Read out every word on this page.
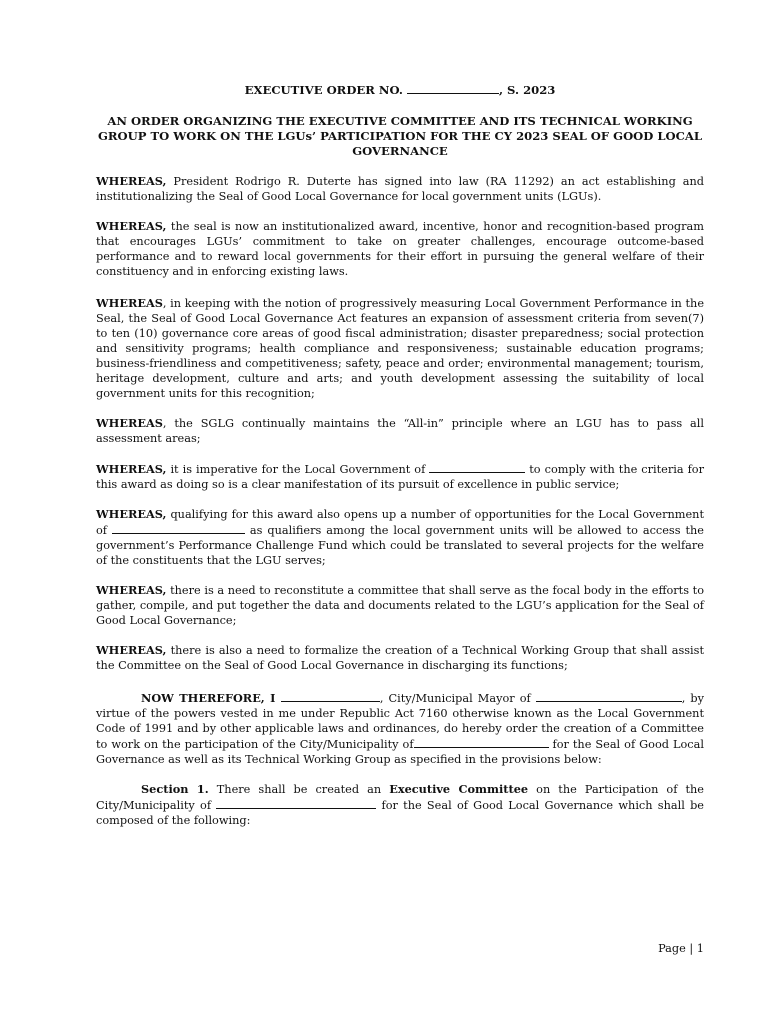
EXECUTIVE ORDER NO.	, S. 2023
AN ORDER ORGANIZING THE EXECUTIVE COMMITTEE AND ITS TECHNICAL WORKING GROUP TO WORK ON THE LGUs’ PARTICIPATION FOR THE CY 2023 SEAL OF GOOD LOCAL GOVERNANCE

WHEREAS, President Rodrigo R. Duterte has signed into law (RA 11292) an act establishing and institutionalizing the Seal of Good Local Governance for local government units (LGUs).

WHEREAS, the seal is now an institutionalized award, incentive, honor and recognition-based program that encourages LGUs’ commitment to take on greater challenges, encourage outcome-based performance and to reward local governments for their effort in pursuing the general welfare of their constituency and in enforcing existing laws.

WHEREAS, in keeping with the notion of progressively measuring Local Government Performance in the Seal, the Seal of Good Local Governance Act features an expansion of assessment criteria from seven(7) to ten (10) governance core areas of good fiscal administration; disaster preparedness; social protection and sensitivity programs; health compliance and responsiveness; sustainable education programs; business-friendliness and competitiveness; safety, peace and order; environmental management; tourism, heritage development, culture and arts; and youth development assessing the suitability of local government units for this recognition;

WHEREAS, the SGLG continually maintains the “All-in” principle where an LGU has to pass all assessment areas;

WHEREAS, it is imperative for the Local Government of	to comply with the criteria for this award as doing so is a clear manifestation of its pursuit of excellence in public service;

WHEREAS, qualifying for this award also opens up a number of opportunities for the Local Government of	as qualifiers among the local government units will be allowed to access the government’s Performance Challenge Fund which could be translated to several projects for the welfare of the constituents that the LGU serves;

WHEREAS, there is a need to reconstitute a committee that shall serve as the focal body in the efforts to gather, compile, and put together the data and documents related to the LGU’s application for the Seal of Good Local Governance;

WHEREAS, there is also a need to formalize the creation of a Technical Working Group that shall assist the Committee on the Seal of Good Local Governance in discharging its functions;

NOW THEREFORE, I	, City/Municipal Mayor of	, by virtue of the powers vested in me under Republic Act 7160 otherwise known as the Local Government Code of 1991 and by other applicable laws and ordinances, do hereby order the creation of a Committee to work on the participation of the City/Municipality of	for the Seal of Good Local Governance as well as its Technical Working Group as specified in the provisions below:

Section 1. There shall be created an Executive Committee on the Participation of the City/Municipality of	for the Seal of Good Local Governance which shall be composed of the following:

Page | 1
